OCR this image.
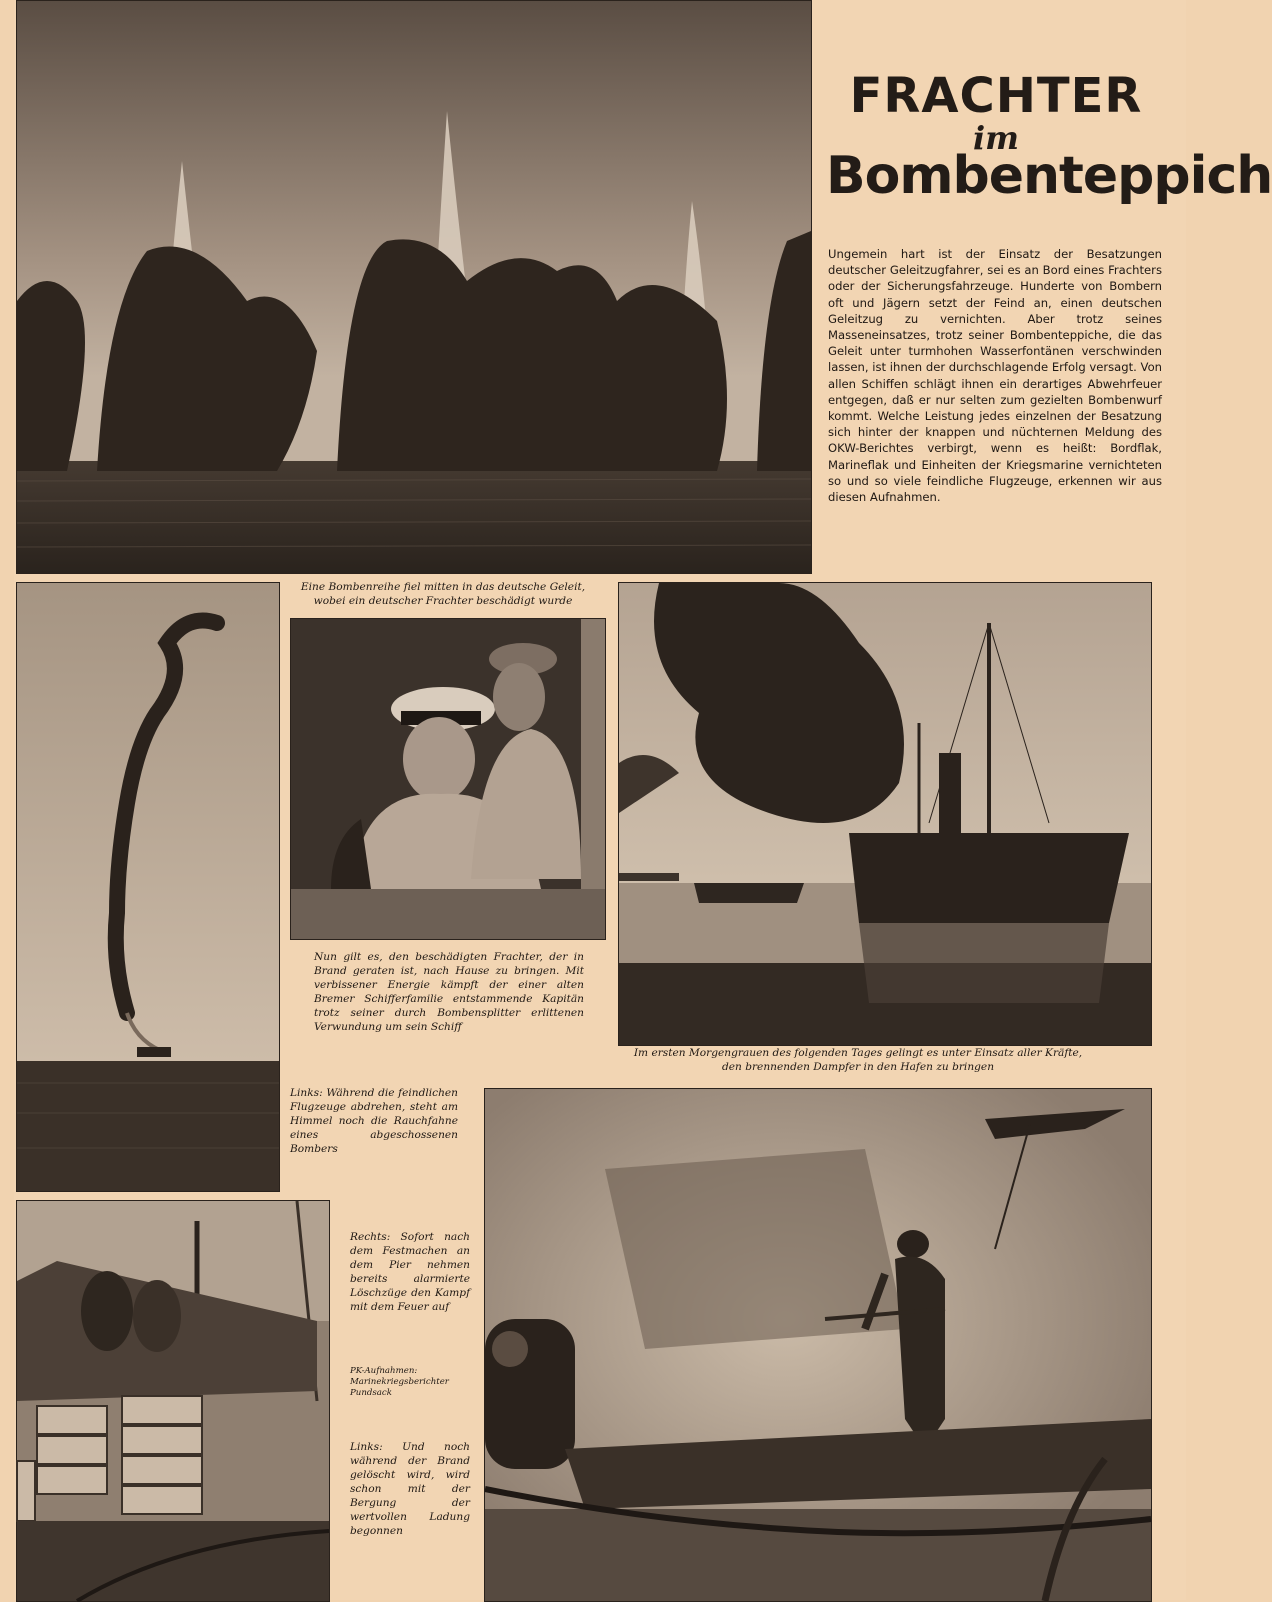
FRACHTER
im
Bombenteppich
Ungemein hart ist der Einsatz der Besatzungen deutscher Geleitzugfahrer, sei es an Bord eines Frachters oder der Sicherungsfahrzeuge. Hunderte von Bombern oft und Jägern setzt der Feind an, einen deutschen Geleitzug zu vernichten. Aber trotz seines Masseneinsatzes, trotz seiner Bombenteppiche, die das Geleit unter turmhohen Wasserfontänen verschwinden lassen, ist ihnen der durchschlagende Erfolg versagt. Von allen Schiffen schlägt ihnen ein derartiges Abwehrfeuer entgegen, daß er nur selten zum gezielten Bombenwurf kommt. Welche Leistung jedes einzelnen der Besatzung sich hinter der knappen und nüchternen Meldung des OKW-Berichtes verbirgt, wenn es heißt: Bordflak, Marineflak und Einheiten der Kriegsmarine vernichteten so und so viele feindliche Flugzeuge, erkennen wir aus diesen Aufnahmen.
Eine Bombenreihe fiel mitten in das deutsche Geleit, wobei ein deutscher Frachter beschädigt wurde
Nun gilt es, den beschädigten Frachter, der in Brand geraten ist, nach Hause zu bringen. Mit verbissener Energie kämpft der einer alten Bremer Schifferfamilie entstammende Kapitän trotz seiner durch Bombensplitter erlittenen Verwundung um sein Schiff
Im ersten Morgengrauen des folgenden Tages gelingt es unter Einsatz aller Kräfte, den brennenden Dampfer in den Hafen zu bringen
Links: Während die feindlichen Flugzeuge abdrehen, steht am Himmel noch die Rauchfahne eines abgeschossenen Bombers
Rechts: Sofort nach dem Festmachen an dem Pier nehmen bereits alarmierte Löschzüge den Kampf mit dem Feuer auf
PK-Aufnahmen: Marinekriegsberichter Pundsack
Links: Und noch während der Brand gelöscht wird, wird schon mit der Bergung der wertvollen Ladung begonnen
